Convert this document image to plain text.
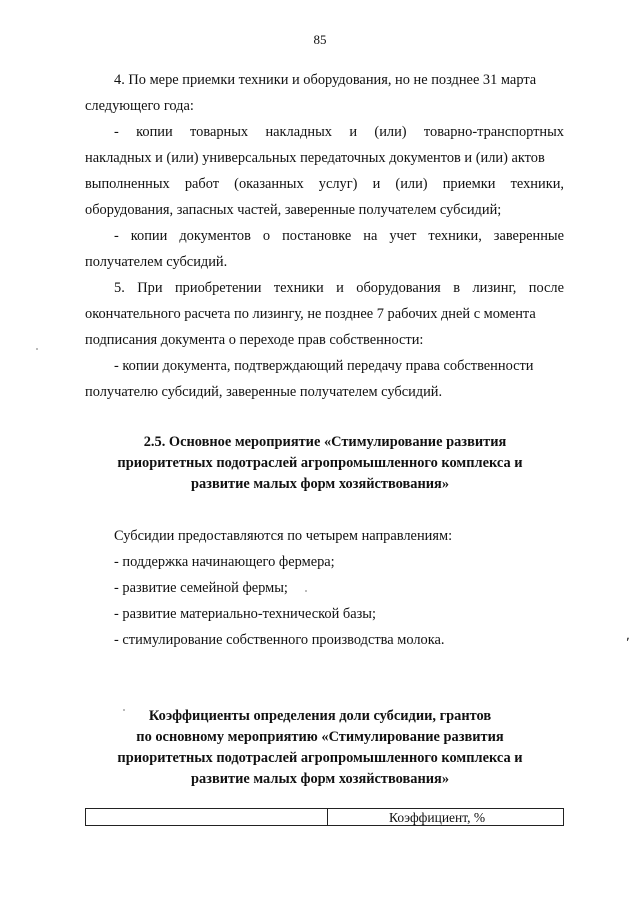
85
4. По мере приемки техники и оборудования, но не позднее 31 марта
следующего года:
- копии товарных накладных и (или) товарно-транспортных
накладных и (или) универсальных передаточных документов и (или) актов
выполненных работ (оказанных услуг) и (или) приемки техники,
оборудования, запасных частей, заверенные получателем субсидий;
- копии документов о постановке на учет техники, заверенные
получателем субсидий.
5. При приобретении техники и оборудования в лизинг, после
окончательного расчета по лизингу, не позднее 7 рабочих дней с момента
подписания документа о переходе прав собственности:
- копии документа, подтверждающий передачу права собственности
получателю субсидий, заверенные получателем субсидий.
2.5. Основное мероприятие «Стимулирование развития
приоритетных подотраслей агропромышленного комплекса и
развитие малых форм хозяйствования»
Субсидии предоставляются по четырем направлениям:
- поддержка начинающего фермера;
- развитие семейной фермы;
- развитие материально-технической базы;
- стимулирование собственного производства молока.
Коэффициенты определения доли субсидии, грантов
по основному мероприятию «Стимулирование развития
приоритетных подотраслей агропромышленного комплекса и
развитие малых форм хозяйствования»
Коэффициент, %
ʹ
